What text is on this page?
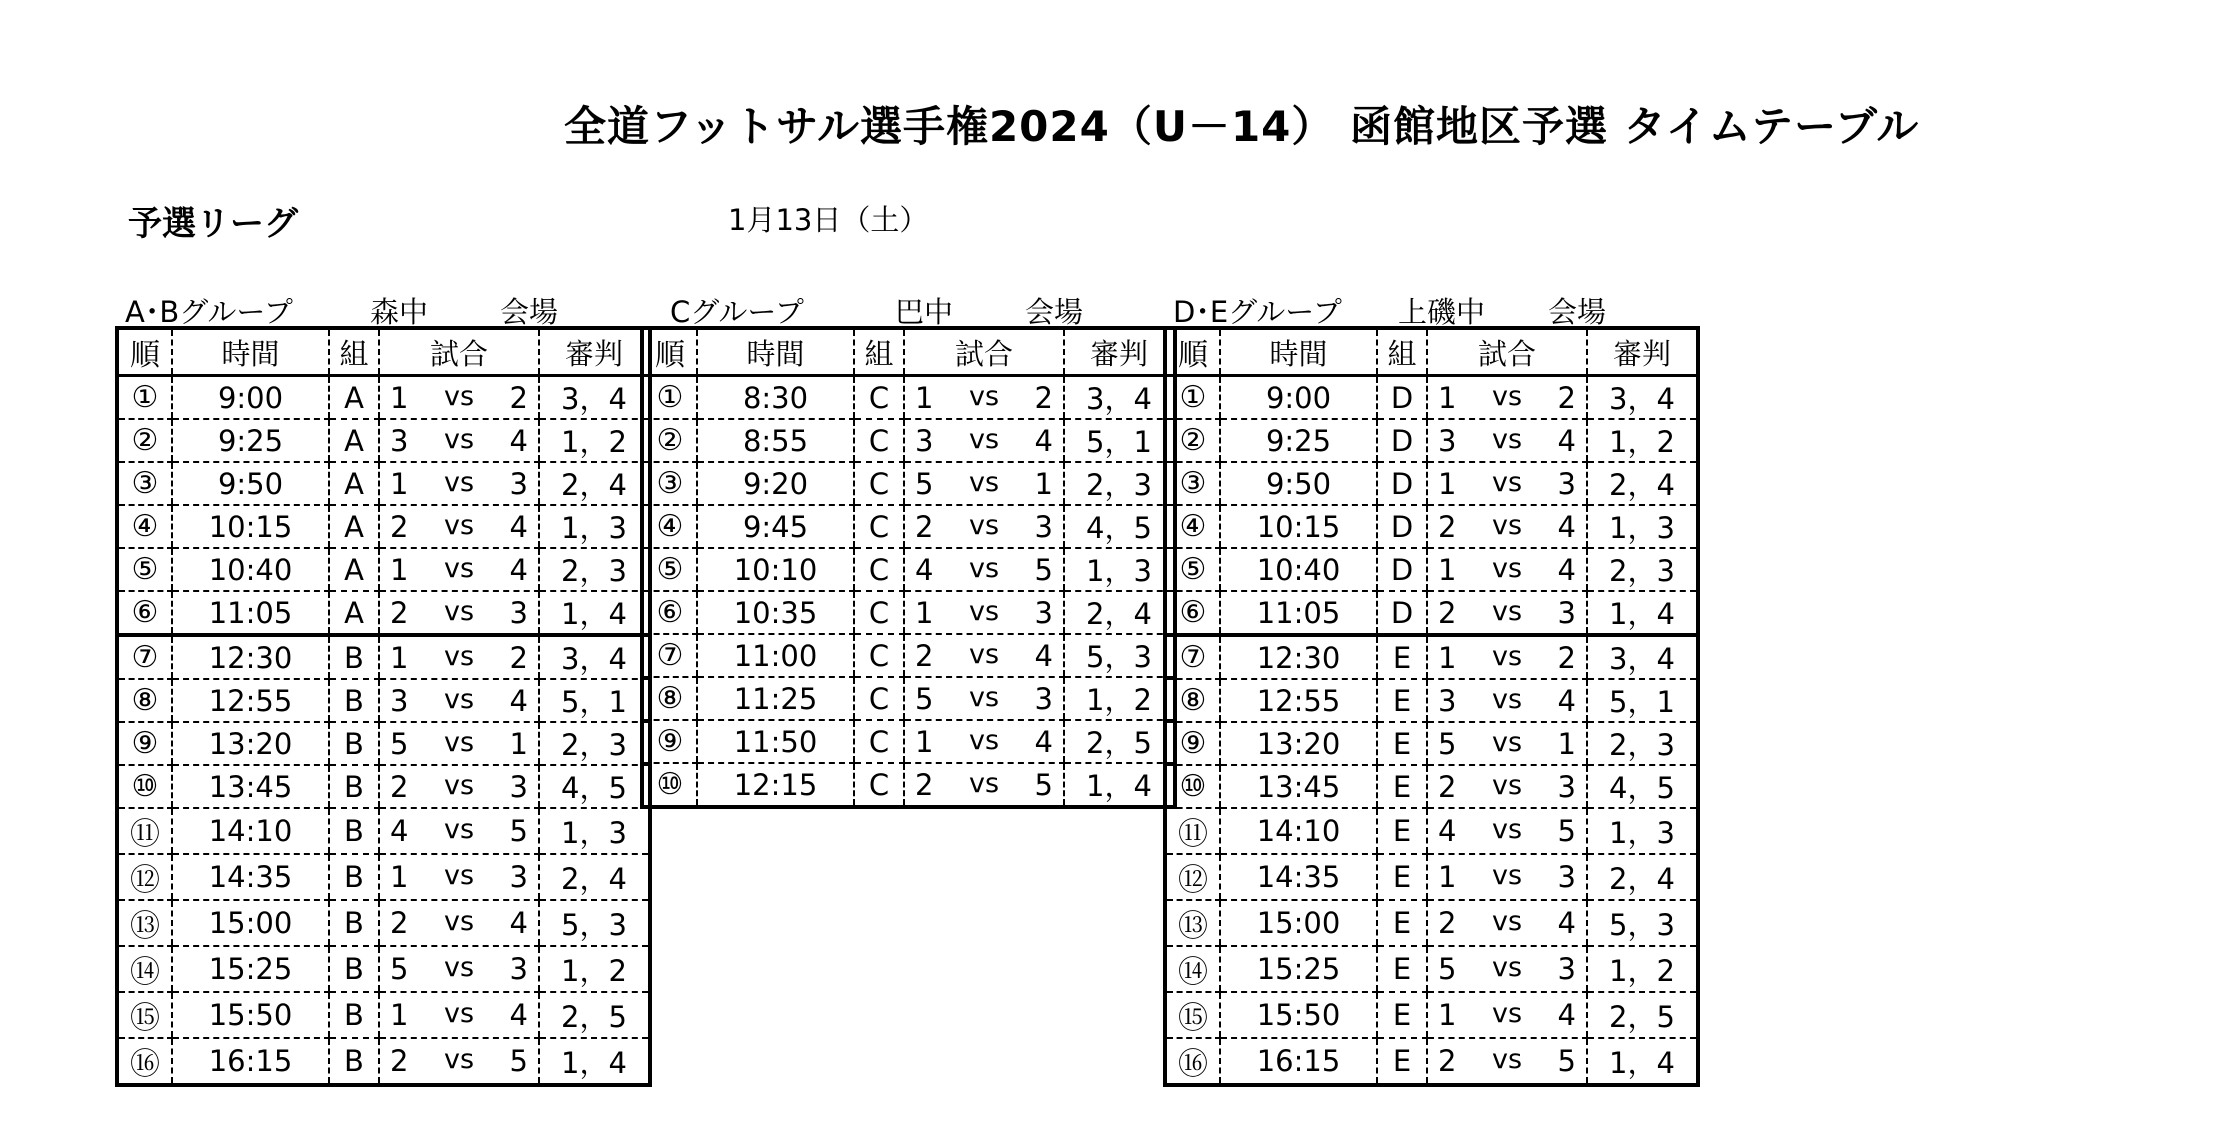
全道フットサル選手権2024（U－14） 函館地区予選 タイムテーブル
予選リーグ	1月13日（土）
A･Bグループ	森中 会場
順	時間	組	試合	審判
①	9:00	A	1 vs 2	3，4
②	9:25	A	3 vs 4	1，2
③	9:50	A	1 vs 3	2，4
④	10:15	A	2 vs 4	1，3
⑤	10:40	A	1 vs 4	2，3
⑥	11:05	A	2 vs 3	1，4
⑦	12:30	B	1 vs 2	3，4
⑧	12:55	B	3 vs 4	5，1
⑨	13:20	B	5 vs 1	2，3
⑩	13:45	B	2 vs 3	4，5
⑪	14:10	B	4 vs 5	1，3
⑫	14:35	B	1 vs 3	2，4
⑬	15:00	B	2 vs 4	5，3
⑭	15:25	B	5 vs 3	1，2
⑮	15:50	B	1 vs 4	2，5
⑯	16:15	B	2 vs 5	1，4
Cグループ	巴中 会場
順	時間	組	試合	審判
①	8:30	C	1 vs 2	3，4
②	8:55	C	3 vs 4	5，1
③	9:20	C	5 vs 1	2，3
④	9:45	C	2 vs 3	4，5
⑤	10:10	C	4 vs 5	1，3
⑥	10:35	C	1 vs 3	2，4
⑦	11:00	C	2 vs 4	5，3
⑧	11:25	C	5 vs 3	1，2
⑨	11:50	C	1 vs 4	2，5
⑩	12:15	C	2 vs 5	1，4
D･Eグループ 上磯中 会場
順	時間	組	試合	審判
①	9:00	D	1 vs 2	3，4
②	9:25	D	3 vs 4	1，2
③	9:50	D	1 vs 3	2，4
④	10:15	D	2 vs 4	1，3
⑤	10:40	D	1 vs 4	2，3
⑥	11:05	D	2 vs 3	1，4
⑦	12:30	E	1 vs 2	3，4
⑧	12:55	E	3 vs 4	5，1
⑨	13:20	E	5 vs 1	2，3
⑩	13:45	E	2 vs 3	4，5
⑪	14:10	E	4 vs 5	1，3
⑫	14:35	E	1 vs 3	2，4
⑬	15:00	E	2 vs 4	5，3
⑭	15:25	E	5 vs 3	1，2
⑮	15:50	E	1 vs 4	2，5
⑯	16:15	E	2 vs 5	1，4
